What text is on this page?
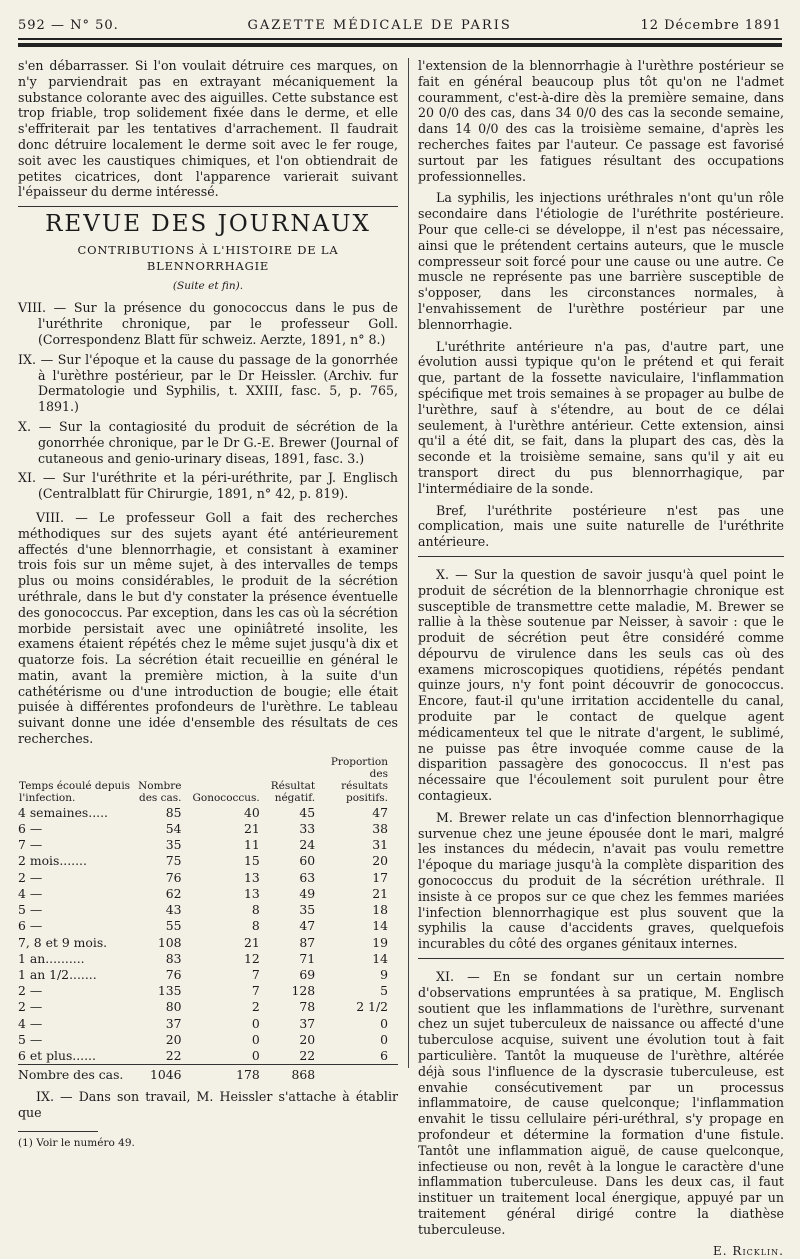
592 — N° 50.	GAZETTE MÉDICALE DE PARIS	12 Décembre 1891

s'en débarrasser. Si l'on voulait détruire ces marques, on n'y parviendrait pas en extrayant mécaniquement la substance colorante avec des aiguilles. Cette substance est trop friable, trop solidement fixée dans le derme, et elle s'effriterait par les tentatives d'arrachement. Il faudrait donc détruire localement le derme soit avec le fer rouge, soit avec les caustiques chimiques, et l'on obtiendrait de petites cicatrices, dont l'apparence varierait suivant l'épaisseur du derme intéressé.

REVUE DES JOURNAUX
CONTRIBUTIONS À L'HISTOIRE DE LA BLENNORRHAGIE
(Suite et fin).

VIII. — Sur la présence du gonococcus dans le pus de l'uréthrite chronique, par le professeur Goll. (Correspondenz Blatt für schweiz. Aerzte, 1891, n° 8.)

IX. — Sur l'époque et la cause du passage de la gonorrhée à l'urèthre postérieur, par le Dr Heissler. (Archiv. fur Dermatologie und Syphilis, t. XXIII, fasc. 5, p. 765, 1891.)

X. — Sur la contagiosité du produit de sécrétion de la gonorrhée chronique, par le Dr G.-E. Brewer (Journal of cutaneous and genio-urinary diseas, 1891, fasc. 3.)

XI. — Sur l'uréthrite et la péri-uréthrite, par J. Englisch (Centralblatt für Chirurgie, 1891, n° 42, p. 819).

VIII. — Le professeur Goll a fait des recherches méthodiques sur des sujets ayant été antérieurement affectés d'une blennorrhagie, et consistant à examiner trois fois sur un même sujet, à des intervalles de temps plus ou moins considérables, le produit de la sécrétion uréthrale, dans le but d'y constater la présence éventuelle des gonococcus. Par exception, dans les cas où la sécrétion morbide persistait avec une opiniâtreté insolite, les examens étaient répétés chez le même sujet jusqu'à dix et quatorze fois. La sécrétion était recueillie en général le matin, avant la première miction, à la suite d'un cathétérisme ou d'une introduction de bougie; elle était puisée à différentes profondeurs de l'urèthre. Le tableau suivant donne une idée d'ensemble des résultats de ces recherches.

Temps écoulé depuis l'infection.	Nombre des cas.	Gonococcus.	Résultat négatif.	Proportion des résultats positifs.
4 semaines.....	85	40	45	47
6 —	54	21	33	38
7 —	35	11	24	31
2 mois.......	75	15	60	20
2 —	76	13	63	17
4 —	62	13	49	21
5 —	43	8	35	18
6 —	55	8	47	14
7, 8 et 9 mois.	108	21	87	19
1 an..........	83	12	71	14
1 an 1/2.......	76	7	69	9
2 —	135	7	128	5
2 —	80	2	78	2 1/2
4 —	37	0	37	0
5 —	20	0	20	0
6 et plus......	22	0	22	6
Nombre des cas.	1046	178	868	

IX. — Dans son travail, M. Heissler s'attache à établir que

(1) Voir le numéro 49.

l'extension de la blennorrhagie à l'urèthre postérieur se fait en général beaucoup plus tôt qu'on ne l'admet couramment, c'est-à-dire dès la première semaine, dans 20 0/0 des cas, dans 34 0/0 des cas la seconde semaine, dans 14 0/0 des cas la troisième semaine, d'après les recherches faites par l'auteur. Ce passage est favorisé surtout par les fatigues résultant des occupations professionnelles.

La syphilis, les injections uréthrales n'ont qu'un rôle secondaire dans l'étiologie de l'uréthrite postérieure. Pour que celle-ci se développe, il n'est pas nécessaire, ainsi que le prétendent certains auteurs, que le muscle compresseur soit forcé pour une cause ou une autre. Ce muscle ne représente pas une barrière susceptible de s'opposer, dans les circonstances normales, à l'envahissement de l'urèthre postérieur par une blennorrhagie.

L'uréthrite antérieure n'a pas, d'autre part, une évolution aussi typique qu'on le prétend et qui ferait que, partant de la fossette naviculaire, l'inflammation spécifique met trois semaines à se propager au bulbe de l'urèthre, sauf à s'étendre, au bout de ce délai seulement, à l'urèthre antérieur. Cette extension, ainsi qu'il a été dit, se fait, dans la plupart des cas, dès la seconde et la troisième semaine, sans qu'il y ait eu transport direct du pus blennorrhagique, par l'intermédiaire de la sonde.

Bref, l'uréthrite postérieure n'est pas une complication, mais une suite naturelle de l'uréthrite antérieure.

X. — Sur la question de savoir jusqu'à quel point le produit de sécrétion de la blennorrhagie chronique est susceptible de transmettre cette maladie, M. Brewer se rallie à la thèse soutenue par Neisser, à savoir : que le produit de sécrétion peut être considéré comme dépourvu de virulence dans les seuls cas où des examens microscopiques quotidiens, répétés pendant quinze jours, n'y font point découvrir de gonococcus. Encore, faut-il qu'une irritation accidentelle du canal, produite par le contact de quelque agent médicamenteux tel que le nitrate d'argent, le sublimé, ne puisse pas être invoquée comme cause de la disparition passagère des gonococcus. Il n'est pas nécessaire que l'écoulement soit purulent pour être contagieux.

M. Brewer relate un cas d'infection blennorrhagique survenue chez une jeune épousée dont le mari, malgré les instances du médecin, n'avait pas voulu remettre l'époque du mariage jusqu'à la complète disparition des gonococcus du produit de la sécrétion uréthrale. Il insiste à ce propos sur ce que chez les femmes mariées l'infection blennorrhagique est plus souvent que la syphilis la cause d'accidents graves, quelquefois incurables du côté des organes génitaux internes.

XI. — En se fondant sur un certain nombre d'observations empruntées à sa pratique, M. Englisch soutient que les inflammations de l'urèthre, survenant chez un sujet tuberculeux de naissance ou affecté d'une tuberculose acquise, suivent une évolution tout à fait particulière. Tantôt la muqueuse de l'urèthre, altérée déjà sous l'influence de la dyscrasie tuberculeuse, est envahie consécutivement par un processus inflammatoire, de cause quelconque; l'inflammation envahit le tissu cellulaire péri-uréthral, s'y propage en profondeur et détermine la formation d'une fistule. Tantôt une inflammation aiguë, de cause quelconque, infectieuse ou non, revêt à la longue le caractère d'une inflammation tuberculeuse. Dans les deux cas, il faut instituer un traitement local énergique, appuyé par un traitement général dirigé contre la diathèse tuberculeuse.

E. Ricklin.
